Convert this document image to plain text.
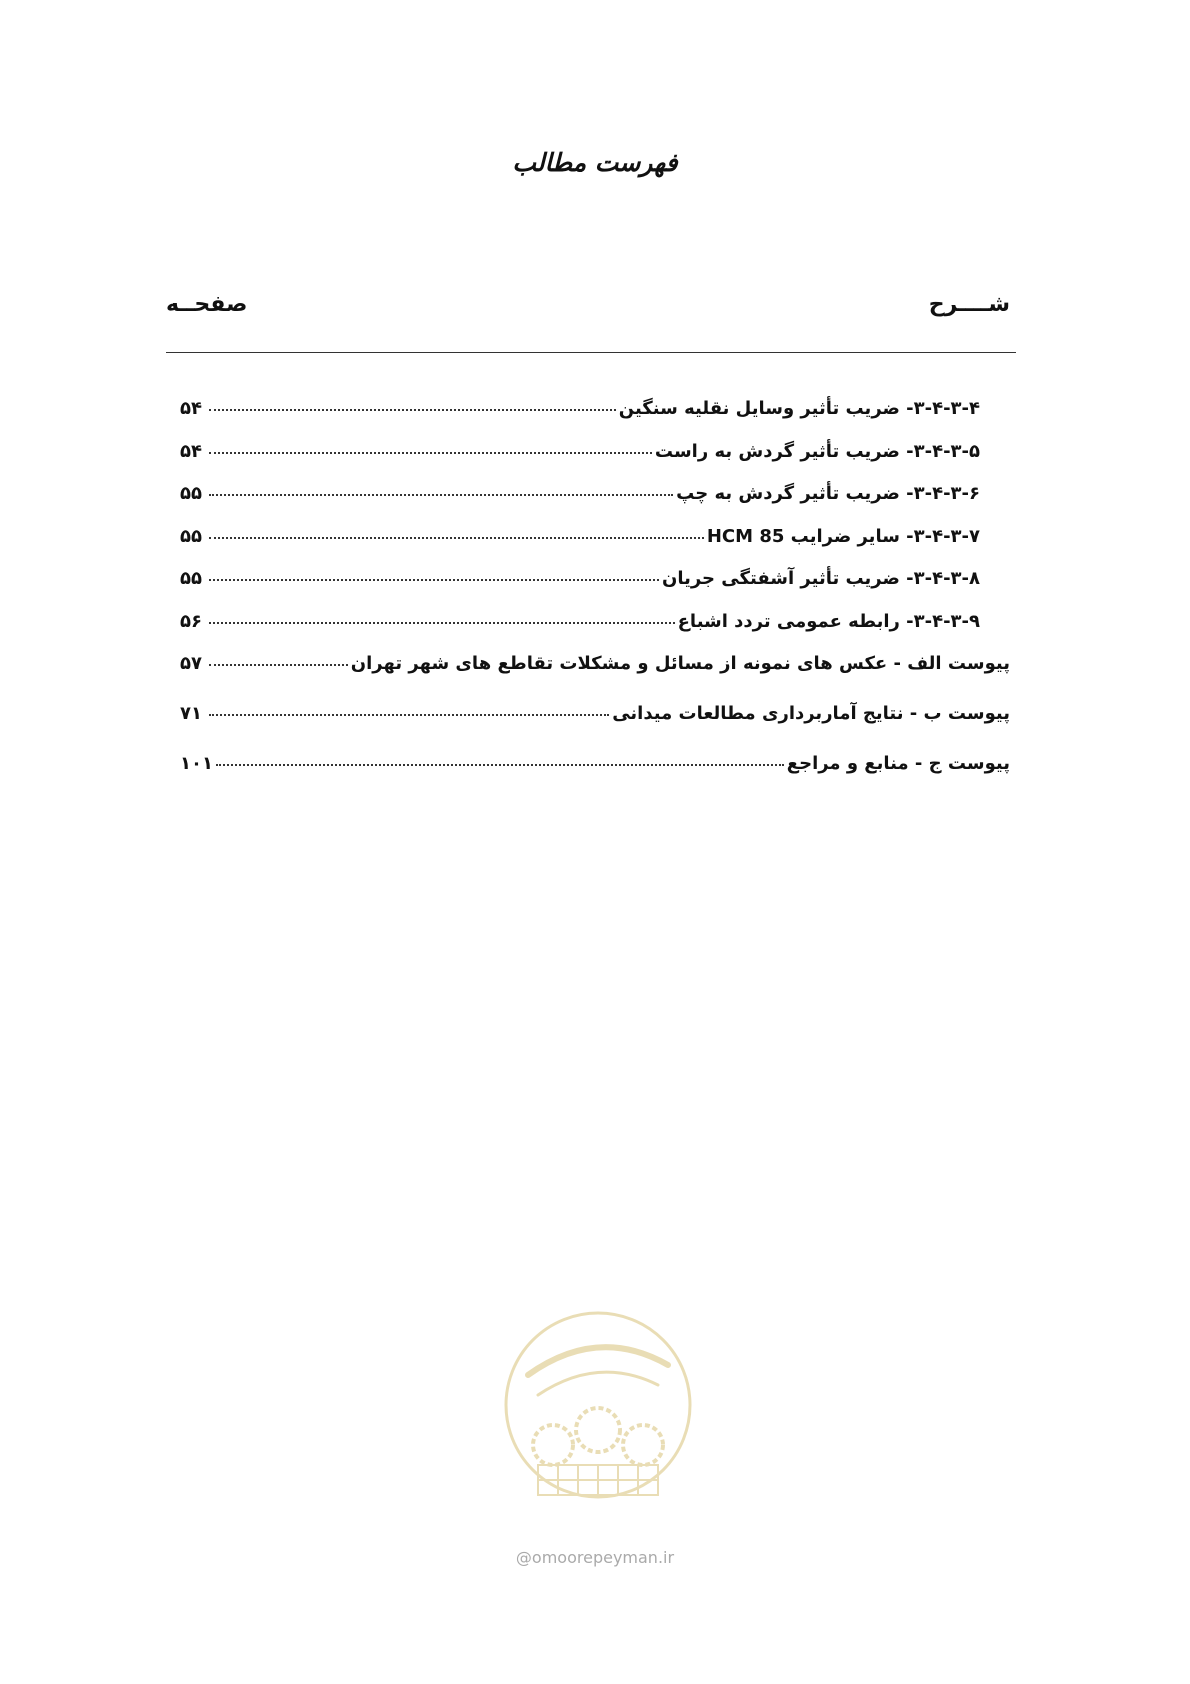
فهرست مطالب
شــــرح
صفحــه
۳-۴-۳-۴- ضریب تأثیر وسایل نقلیه سنگین
۵۴
۳-۴-۳-۵- ضریب تأثیر گردش به راست
۵۴
۳-۴-۳-۶- ضریب تأثیر گردش به چپ
۵۵
۳-۴-۳-۷- سایر ضرایب HCM 85
۵۵
۳-۴-۳-۸- ضریب تأثیر آشفتگی جریان
۵۵
۳-۴-۳-۹- رابطه عمومی تردد اشباع
۵۶
پیوست الف - عکس های نمونه از مسائل و مشکلات تقاطع های شهر تهران
۵۷
پیوست ب - نتایج آماربرداری مطالعات میدانی
۷۱
پیوست ج - منابع و مراجع
۱۰۱
@omoorepeyman.ir
